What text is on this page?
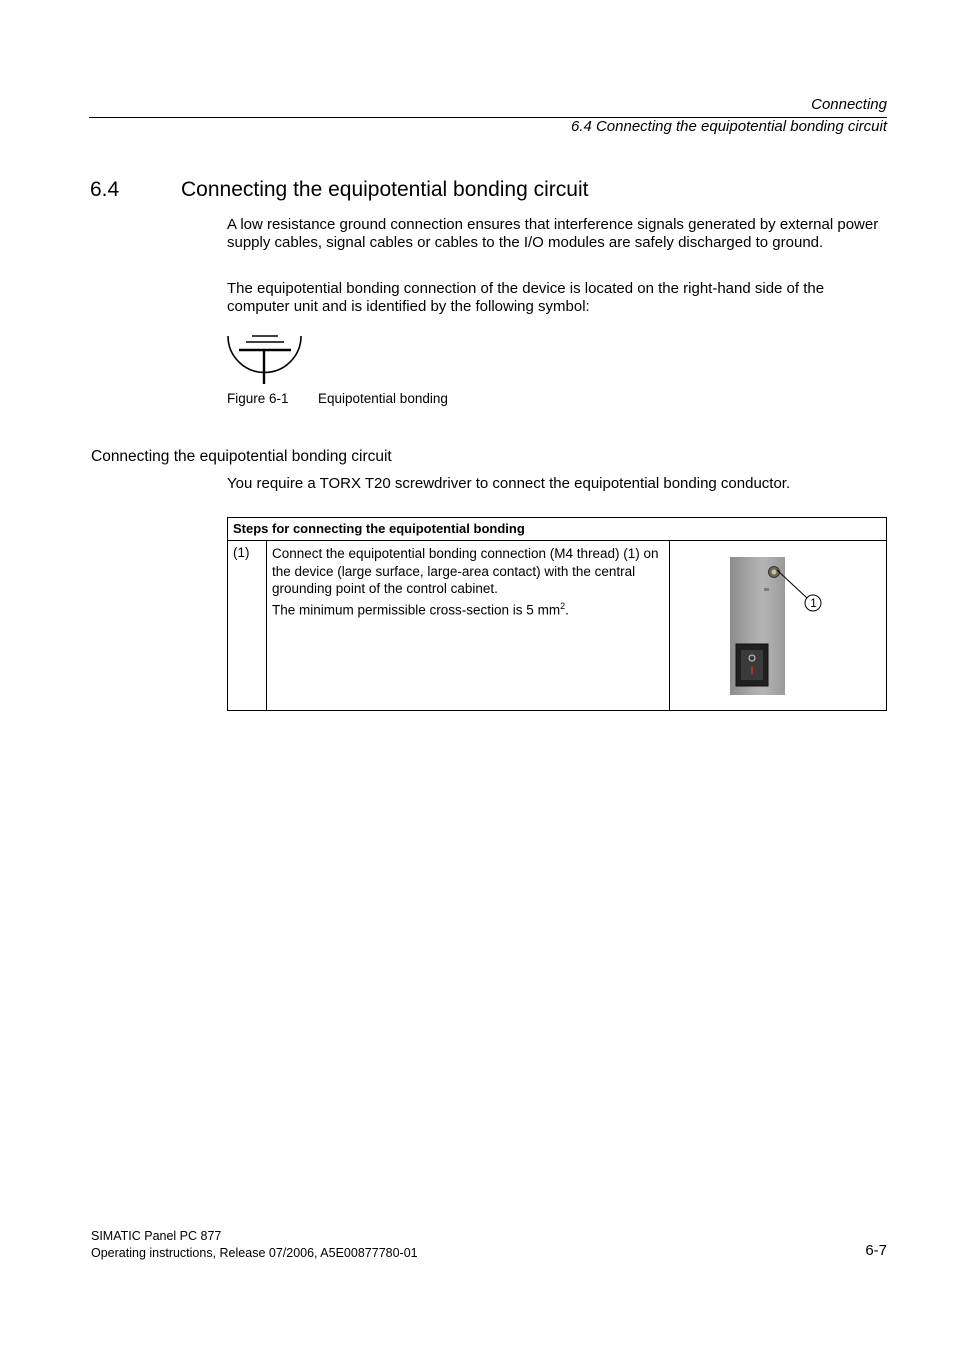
Connecting
6.4 Connecting the equipotential bonding circuit
6.4	Connecting the equipotential bonding circuit
A low resistance ground connection ensures that interference signals generated by external power supply cables, signal cables or cables to the I/O modules are safely discharged to ground.
The equipotential bonding connection of the device is located on the right-hand side of the computer unit and is identified by the following symbol:
Figure 6-1 Equipotential bonding
Connecting the equipotential bonding circuit
You require a TORX T20 screwdriver to connect the equipotential bonding conductor.
Steps for connecting the equipotential bonding
(1)	Connect the equipotential bonding connection (M4 thread) (1) on the device (large surface, large-area contact) with the central grounding point of the control cabinet.
The minimum permissible cross-section is 5 $mm^2$.	1
SIMATIC Panel PC 877
Operating instructions, Release 07/2006, A5E00877780-01	6-7
